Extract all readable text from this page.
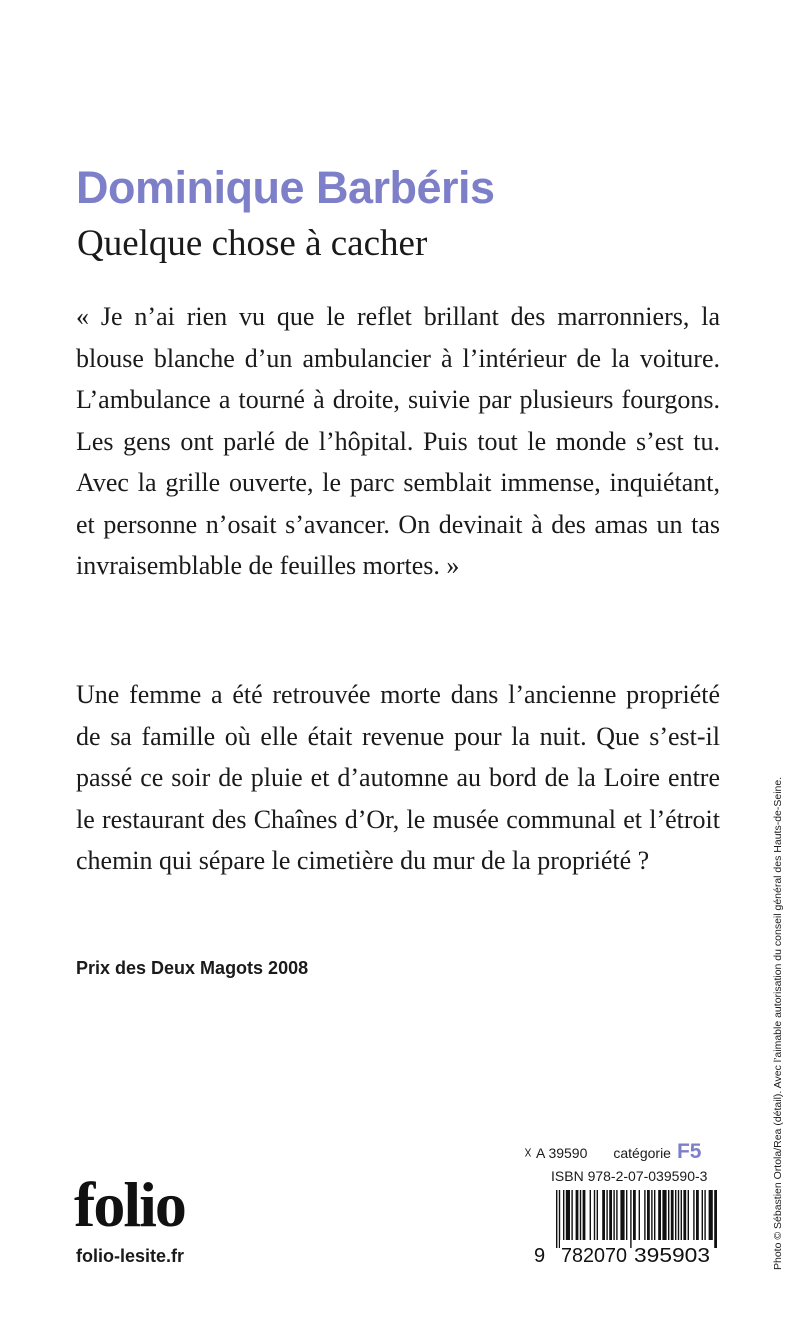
Dominique Barbéris
Quelque chose à cacher
« Je n’ai rien vu que le reflet brillant des marronniers, la blouse blanche d’un ambulancier à l’intérieur de la voiture. L’ambulance a tourné à droite, suivie par plusieurs fourgons. Les gens ont parlé de l’hôpital. Puis tout le monde s’est tu. Avec la grille ouverte, le parc semblait immense, inquiétant, et personne n’osait s’avancer. On devinait à des amas un tas invraisemblable de feuilles mortes. »
Une femme a été retrouvée morte dans l’ancienne propriété de sa famille où elle était revenue pour la nuit. Que s’est-il passé ce soir de pluie et d’automne au bord de la Loire entre le restaurant des Chaînes d’Or, le musée communal et l’étroit chemin qui sépare le cimetière du mur de la propriété ?
Prix des Deux Magots 2008	Photo © Sébastien Ortola/Rea (détail). Avec l’aimable autorisation du conseil général des Hauts-de-Seine.
folio
folio-lesite.fr
☓ A 39590 catégorie F5
ISBN 978-2-07-039590-3
9 782070 395903
